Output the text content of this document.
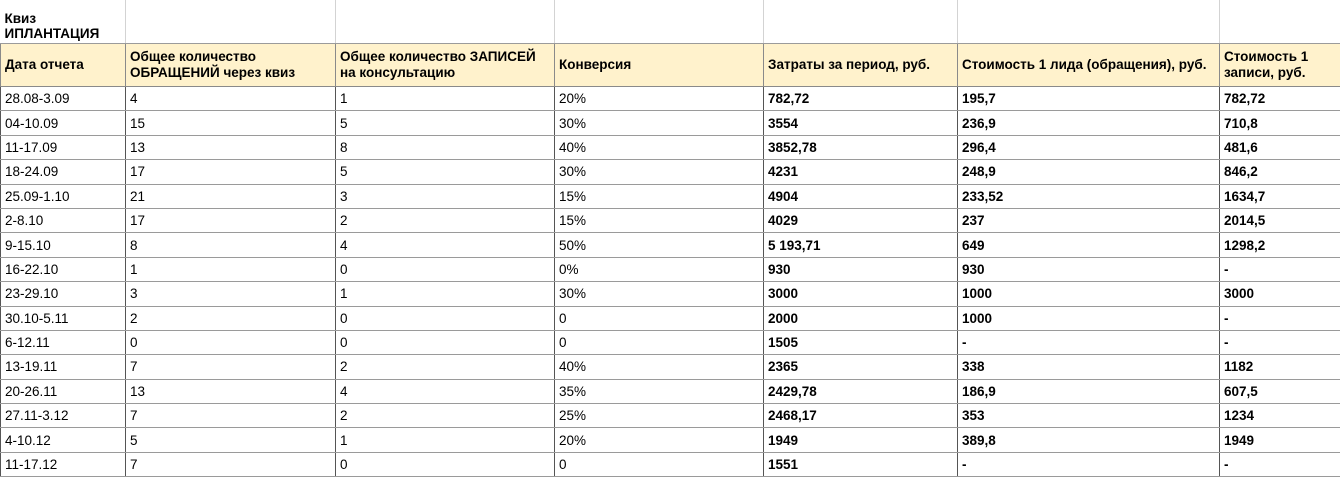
Квиз
ИПЛАНТАЦИЯ						

Дата отчета	Общее количество ОБРАЩЕНИЙ через квиз	Общее количество ЗАПИСЕЙ на консультацию	Конверсия	Затраты за период, руб.	Стоимость 1 лида (обращения), руб.	Стоимость 1 записи, руб.
28.08-3.09	4	1	20%	782,72	195,7	782,72
04-10.09	15	5	30%	3554	236,9	710,8
11-17.09	13	8	40%	3852,78	296,4	481,6
18-24.09	17	5	30%	4231	248,9	846,2
25.09-1.10	21	3	15%	4904	233,52	1634,7
2-8.10	17	2	15%	4029	237	2014,5
9-15.10	8	4	50%	5 193,71	649	1298,2
16-22.10	1	0	0%	930	930	-
23-29.10	3	1	30%	3000	1000	3000
30.10-5.11	2	0	0	2000	1000	-
6-12.11	0	0	0	1505	-	-
13-19.11	7	2	40%	2365	338	1182
20-26.11	13	4	35%	2429,78	186,9	607,5
27.11-3.12	7	2	25%	2468,17	353	1234
4-10.12	5	1	20%	1949	389,8	1949
11-17.12	7	0	0	1551	-	-
